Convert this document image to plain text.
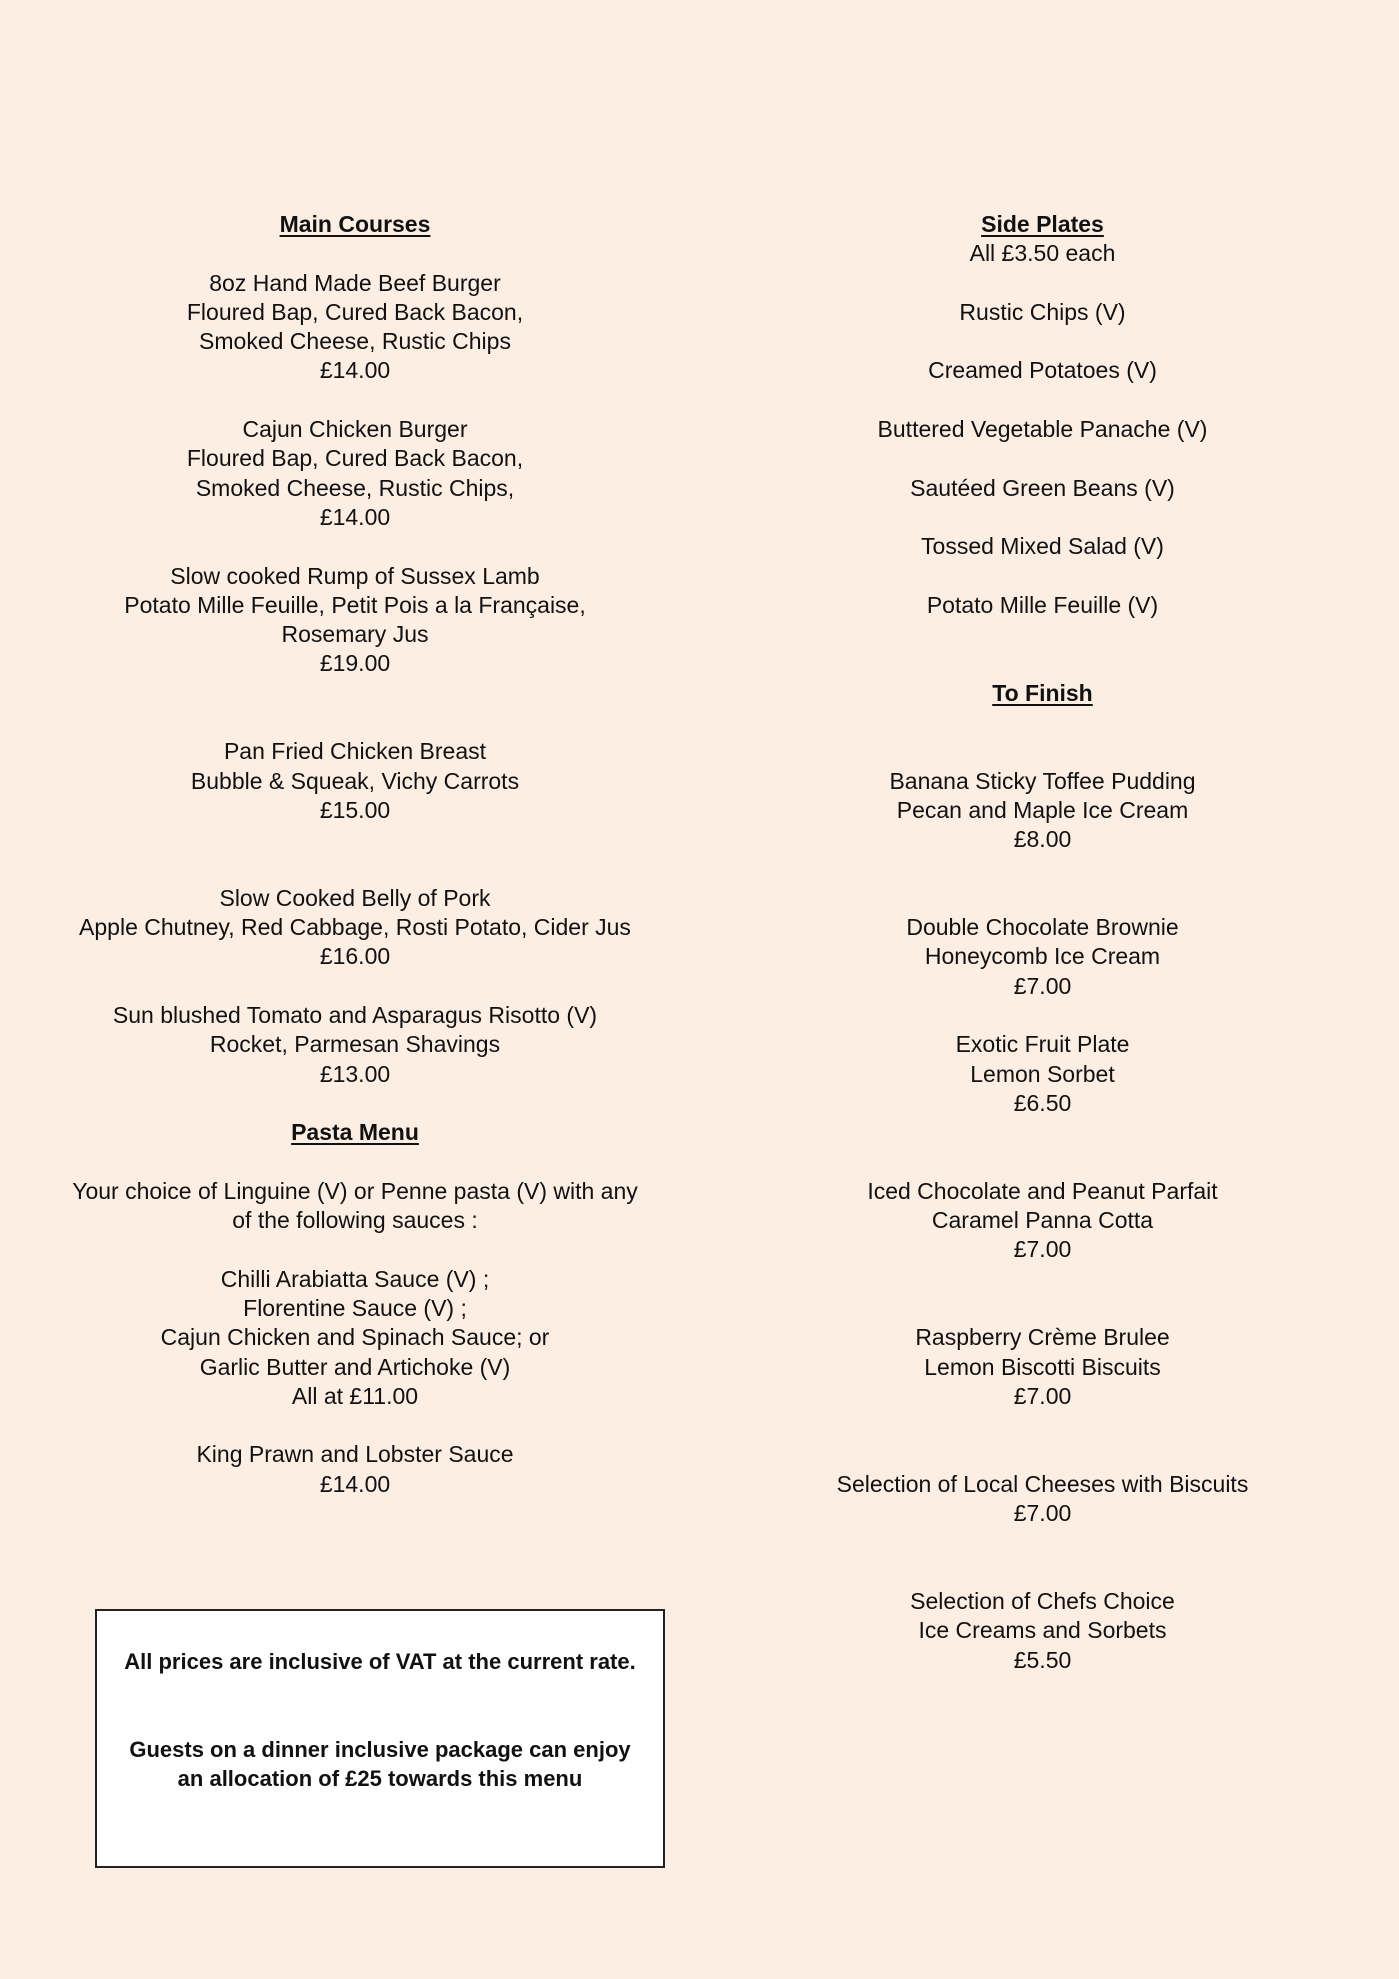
Main Courses
8oz Hand Made Beef Burger
Floured Bap, Cured Back Bacon,
Smoked Cheese, Rustic Chips
£14.00
Cajun Chicken Burger
Floured Bap, Cured Back Bacon,
Smoked Cheese, Rustic Chips,
£14.00
Slow cooked Rump of Sussex Lamb
Potato Mille Feuille, Petit Pois a la Française,
Rosemary Jus
£19.00
Pan Fried Chicken Breast
Bubble & Squeak, Vichy Carrots
£15.00
Slow Cooked Belly of Pork
Apple Chutney, Red Cabbage, Rosti Potato, Cider Jus
£16.00
Sun blushed Tomato and Asparagus Risotto (V)
Rocket, Parmesan Shavings
£13.00
Pasta Menu
Your choice of Linguine (V) or Penne pasta (V) with any
of the following sauces :
Chilli Arabiatta Sauce (V) ;
Florentine Sauce (V) ;
Cajun Chicken and Spinach Sauce; or
Garlic Butter and Artichoke (V)
All at £11.00
King Prawn and Lobster Sauce
£14.00
All prices are inclusive of VAT at the current rate.
Guests on a dinner inclusive package can enjoy
an allocation of £25 towards this menu
Side Plates
All £3.50 each
Rustic Chips (V)
Creamed Potatoes (V)
Buttered Vegetable Panache (V)
Sautéed Green Beans (V)
Tossed Mixed Salad (V)
Potato Mille Feuille (V)
To Finish
Banana Sticky Toffee Pudding
Pecan and Maple Ice Cream
£8.00
Double Chocolate Brownie
Honeycomb Ice Cream
£7.00
Exotic Fruit Plate
Lemon Sorbet
£6.50
Iced Chocolate and Peanut Parfait
Caramel Panna Cotta
£7.00
Raspberry Crème Brulee
Lemon Biscotti Biscuits
£7.00
Selection of Local Cheeses with Biscuits
£7.00
Selection of Chefs Choice
Ice Creams and Sorbets
£5.50
